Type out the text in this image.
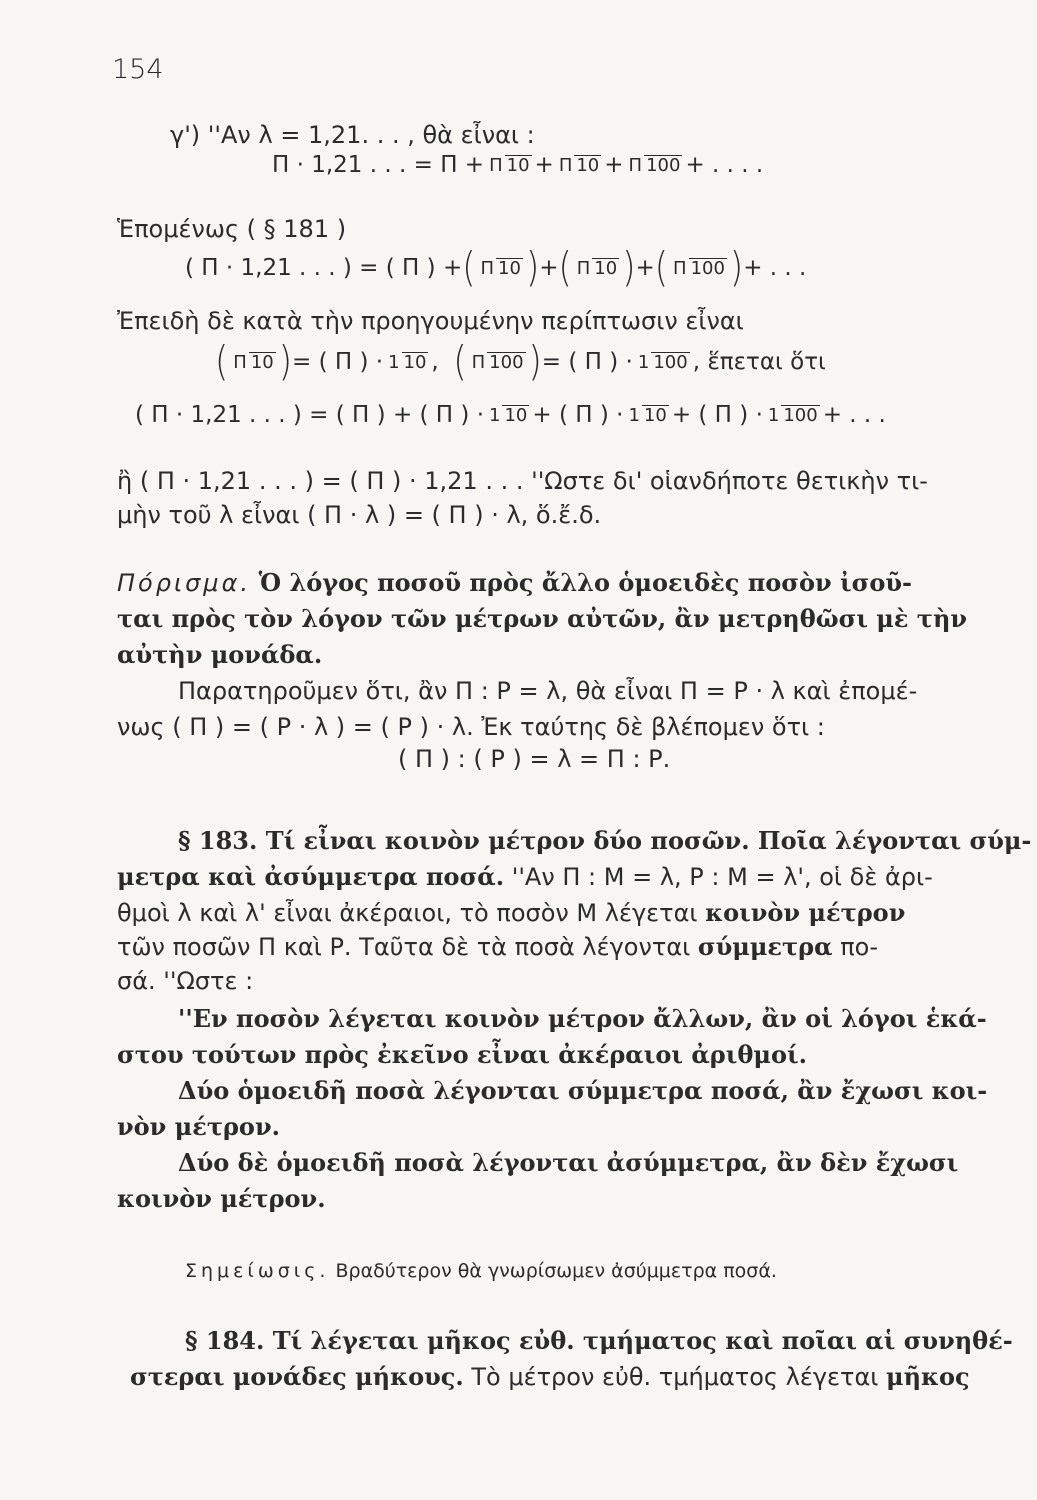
154
γ') ''Αν λ = 1,21. . . , θὰ εἶναι :
Π · 1,21 . . . = Π + Π 10 + Π 10 + Π 100 + . . . .
Ἑπομένως ( § 181 )
( Π · 1,21 . . . ) = ( Π ) + ( Π 10 ) + ( Π 10 ) + ( Π 100 ) + . . .
Ἐπειδὴ δὲ κατὰ τὴν προηγουμένην περίπτωσιν εἶναι
( Π 10 ) = ( Π ) · 1 10 , ( Π 100 ) = ( Π ) · 1 100 , ἕπεται ὅτι
( Π · 1,21 . . . ) = ( Π ) + ( Π ) · 1 10 + ( Π ) · 1 10 + ( Π ) · 1 100 + . . .
ἢ ( Π · 1,21 . . . ) = ( Π ) · 1,21 . . . ''Ωστε δι' οἱανδήποτε θετικὴν τι-
μὴν τοῦ λ εἶναι ( Π · λ ) = ( Π ) · λ, ὅ.ἔ.δ.
Πόρισμα. Ὁ λόγος ποσοῦ πρὸς ἄλλο ὁμοειδὲς ποσὸν ἰσοῦ-
ται πρὸς τὸν λόγον τῶν μέτρων αὐτῶν, ἂν μετρηθῶσι μὲ τὴν
αὐτὴν μονάδα.
Παρατηροῦμεν ὅτι, ἂν Π : Ρ = λ, θὰ εἶναι Π = Ρ · λ καὶ ἐπομέ-
νως ( Π ) = ( Ρ · λ ) = ( Ρ ) · λ. Ἐκ ταύτης δὲ βλέπομεν ὅτι :
( Π ) : ( Ρ ) = λ = Π : Ρ.
§ 183. Τί εἶναι κοινὸν μέτρον δύο ποσῶν. Ποῖα λέγονται σύμ-
μετρα καὶ ἀσύμμετρα ποσά. ''Αν Π : Μ = λ, Ρ : Μ = λ', οἱ δὲ ἀρι-
θμοὶ λ καὶ λ' εἶναι ἀκέραιοι, τὸ ποσὸν Μ λέγεται κοινὸν μέτρον
τῶν ποσῶν Π καὶ Ρ. Ταῦτα δὲ τὰ ποσὰ λέγονται σύμμετρα πο-
σά. ''Ωστε :
''Εν ποσὸν λέγεται κοινὸν μέτρον ἄλλων, ἂν οἱ λόγοι ἑκά-
στου τούτων πρὸς ἐκεῖνο εἶναι ἀκέραιοι ἀριθμοί.
Δύο ὁμοειδῆ ποσὰ λέγονται σύμμετρα ποσά, ἂν ἔχωσι κοι-
νὸν μέτρον.
Δύο δὲ ὁμοειδῆ ποσὰ λέγονται ἀσύμμετρα, ἂν δὲν ἔχωσι
κοινὸν μέτρον.
Σημείωσις. Βραδύτερον θὰ γνωρίσωμεν ἀσύμμετρα ποσά.
§ 184. Τί λέγεται μῆκος εὐθ. τμήματος καὶ ποῖαι αἱ συνηθέ-
στεραι μονάδες μήκους. Τὸ μέτρον εὐθ. τμήματος λέγεται μῆκος
